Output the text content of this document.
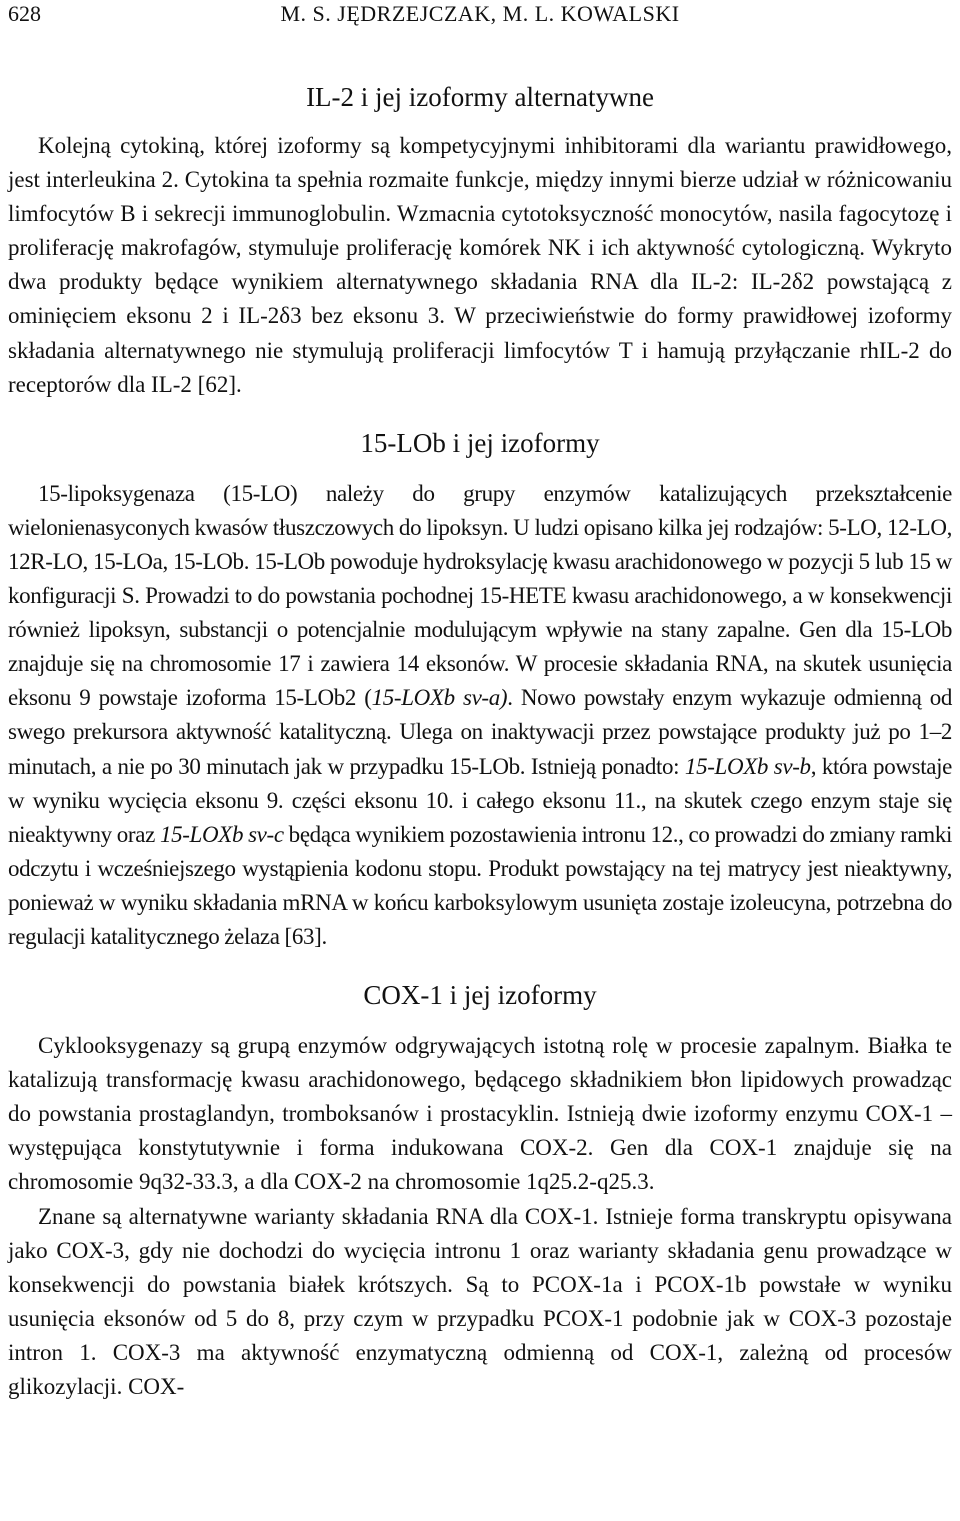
628	M. S. JĘDRZEJCZAK, M. L. KOWALSKI
IL-2 i jej izoformy alternatywne

Kolejną cytokiną, której izoformy są kompetycyjnymi inhibitorami dla wariantu prawidłowego, jest interleukina 2. Cytokina ta spełnia rozmaite funkcje, między innymi bierze udział w różnicowaniu limfocytów B i sekrecji immunoglobulin. Wzmacnia cytotoksyczność monocytów, nasila fagocytozę i proliferację makrofagów, stymuluje proliferację komórek NK i ich aktywność cytologiczną. Wykryto dwa produkty będące wynikiem alternatywnego składania RNA dla IL-2: IL-2δ2 powstającą z ominięciem eksonu 2 i IL-2δ3 bez eksonu 3. W przeciwieństwie do formy prawidłowej izoformy składania alternatywnego nie stymulują proliferacji limfocytów T i hamują przyłączanie rhIL-2 do receptorów dla IL-2 [62].

15-LOb i jej izoformy

15-lipoksygenaza (15-LO) należy do grupy enzymów katalizujących przekształcenie wielonienasyconych kwasów tłuszczowych do lipoksyn. U ludzi opisano kilka jej rodzajów: 5-LO, 12-LO, 12R-LO, 15-LOa, 15-LOb. 15-LOb powoduje hydroksylację kwasu arachidonowego w pozycji 5 lub 15 w konfiguracji S. Prowadzi to do powstania pochodnej 15-HETE kwasu arachidonowego, a w konsekwencji również lipoksyn, substancji o potencjalnie modulującym wpływie na stany zapalne. Gen dla 15-LOb znajduje się na chromosomie 17 i zawiera 14 eksonów. W procesie składania RNA, na skutek usunięcia eksonu 9 powstaje izoforma 15-LOb2 (15-LOXb sv-a). Nowo powstały enzym wykazuje odmienną od swego prekursora aktywność katalityczną. Ulega on inaktywacji przez powstające produkty już po 1–2 minutach, a nie po 30 minutach jak w przypadku 15-LOb. Istnieją ponadto: 15-LOXb sv-b, która powstaje w wyniku wycięcia eksonu 9. części eksonu 10. i całego eksonu 11., na skutek czego enzym staje się nieaktywny oraz 15-LOXb sv-c będąca wynikiem pozostawienia intronu 12., co prowadzi do zmiany ramki odczytu i wcześniejszego wystąpienia kodonu stopu. Produkt powstający na tej matrycy jest nieaktywny, ponieważ w wyniku składania mRNA w końcu karboksylowym usunięta zostaje izoleucyna, potrzebna do regulacji katalitycznego żelaza [63].

COX-1 i jej izoformy

Cyklooksygenazy są grupą enzymów odgrywających istotną rolę w procesie zapalnym. Białka te katalizują transformację kwasu arachidonowego, będącego składnikiem błon lipidowych prowadząc do powstania prostaglandyn, tromboksanów i prostacyklin. Istnieją dwie izoformy enzymu COX-1 – występująca konstytutywnie i forma indukowana COX-2. Gen dla COX-1 znajduje się na chromosomie 9q32-33.3, a dla COX-2 na chromosomie 1q25.2-q25.3.

Znane są alternatywne warianty składania RNA dla COX-1. Istnieje forma transkryptu opisywana jako COX-3, gdy nie dochodzi do wycięcia intronu 1 oraz warianty składania genu prowadzące w konsekwencji do powstania białek krótszych. Są to PCOX-1a i PCOX-1b powstałe w wyniku usunięcia eksonów od 5 do 8, przy czym w przypadku PCOX-1 podobnie jak w COX-3 pozostaje intron 1. COX-3 ma aktywność enzymatyczną odmienną od COX-1, zależną od procesów glikozylacji. COX-
